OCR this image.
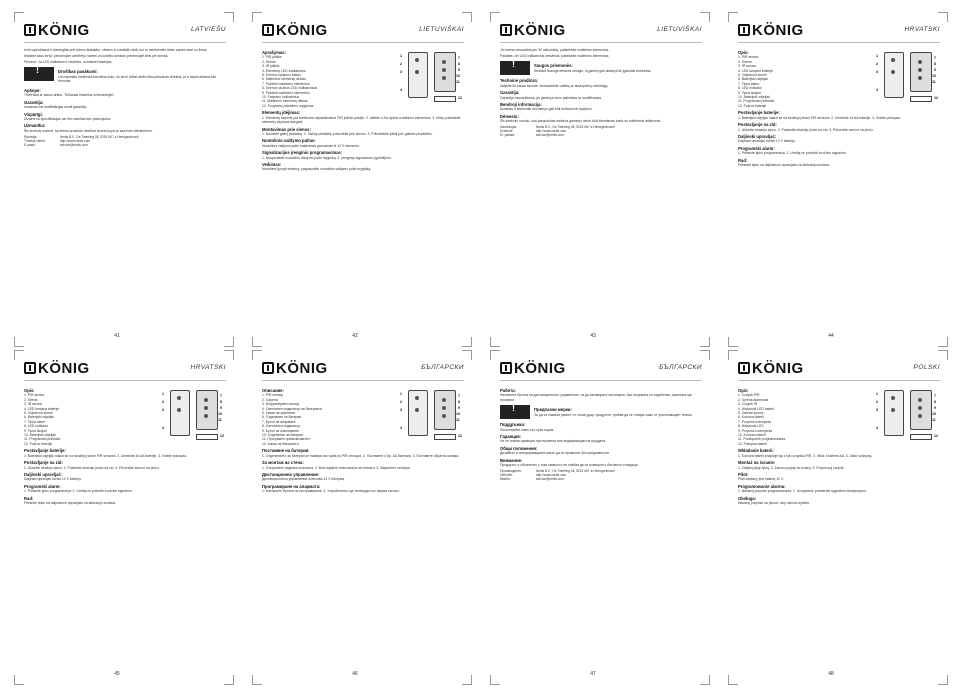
KÖNIG	LATVIEŠU

Ierīci apturēšana ir aizsargāta pret ūdens šļakatām, vēlams to uzstādīt vietā, kur to neietekmēs tiešie saules stari un lietus.

Iestatiet savu ierīci: pievienojiet uztvērēju rozetei un kustību sensoru pievienojiet tieši pie sienas.

Piezīme: Ja LED indikators ir neaktīvs, nomainiet baterijas.

!
Drošības pasākumi:

Lai mazinātu elektriskā trieciena risku, šo ierīci drīkst atvērt tikai pilnvarots tehniķis, ja ir nepieciešams tās remonts.

Apkope:

Tīriet tikai ar sausu drānu. Tīrīšanas līdzekļus neizmantojiet.

Garantija:

Izmaiņas vai modifikācijas anulē garantiju.

Vispārīgi:

Dizains un specifikācijas var tikt mainītas bez paziņojuma.

Uzmanību:

Šis simbols nozīmē, ka lietoto produktu nedrīkst izmest kopā ar sadzīves atkritumiem.

Ražotājs:	Nedis B.V., De Tweeling 28, 5215 MC 's-Hertogenbosch
Tīmekļa vietne:	http://www.nedis.com
E-pasts:	service@nedis.com
41
KÖNIG	LIETUVIŠKAI
Aprašymas:
1. PIR jutiklis
2. Sirena
3. IR jutiklis
4. Elementų LED indikatorius
5. Sirenos ryškumo taisas
6. Maitinimo elementų dėklas
7. Pakeisti maitinimo elementus
8. Sirenos skubios LED indikatoriaus
9. Pakeisti maitinimo elementus
10. Patyrimo indikatorius
11. Maitinimo elementų dėklas
12. Programų paleidimo mygtukas
1
2
3
4
7
8
9
10
11
12
Elementų įdėjimas:

1. Elementų skyrelis yra kuriškumo atpakaliniame PIR jutiklio pusėje. 2. Įdėkite 4 AA dydžio maitinimo elementus. 3. Mūsų pakeiskite elementų skyriaus dangtelį.

Montavimas prie sienos:

1. Nuimkite galinį plokštelę. 2. Galinę plokštelę priveržkite prie sienos. 3. Pritvirtinkite jutiklį prie galinės plokštelės.

Nuotolinio valdymo pultas:

Nuotolinio valdymo pulte maitinimas gaunamas iš 12 V elemento.

Signalizacijos įrenginio programavimas:

1. Nuspauskite nuotolinio valdymo pulto mygtuką. 2. Įrenginys signalizuos pyptelėjimu.

Veikimas:

Norėdami įjungti sistemą, paspauskite nuotolinio valdymo pulto mygtuką.

42
KÖNIG	LIETUVIŠKAI

Jei sirena nesuveikia per 30 sekundžių, patikrinkite maitinimo elementus.

Pastaba: Jei LED indikatorius nešviečia, pakeiskite maitinimo elementus.

!
Saugos priemonės:

Siekiant išvengti elektros smūgio, šį gaminį gali atidaryti tik įgaliotas technikas.

Techninė priežiūra:

Valykite tik sausa šluoste. Nenaudokite valiklių ar abrazyvinių medžiagų.

Garantija:

Garantija nesuteikiama, jei gaminys buvo pakeistas ar modifikuotas.

Bendroji informacija:

Dizainas ir techniniai duomenys gali būti keičiami be įspėjimo.

Dėmesio:

Šis simbolis nurodo, kad panaudotas elektros gaminys neturi būti išmetamas kartu su buitinėmis atliekomis.

Gamintojas:	Nedis B.V., De Tweeling 28, 5215 MC 's-Hertogenbosch
Svetainė:	http://www.nedis.com
El. paštas:	service@nedis.com
43
KÖNIG	HRVATSKI
Opis:
1. PIR senzor
2. Sirena
3. IR senzor
4. LED lampica baterije
5. Vrijednost sirene
6. Baterijski odjeljak
7. Tipka alarm
8. LED indikator
9. Tipka isključi
10. Baterijski odjeljak
11. Programski prekidač
12. Pokrov baterije
1
2
3
4
7
8
9
10
11
12
Postavljanje baterije:

1. Baterijski odjeljak nalazi se na stražnjoj strani PIR senzora. 2. Umetnite 4x AA baterije. 3. Vratite poklopac.

Postavljanje na zid:

1. Uklonite stražnju ploču. 2. Postavite stražnju ploču na zid. 3. Pričvrstite senzor na ploču.

Daljinski upravljač:

Daljinski upravljač koristi 12 V bateriju.

Programski alarm:

1. Pritisnite tipku programiranja. 2. Uređaj će potvrditi zvučnim signalom.

Rad:

Pritisnite tipku na daljinskom upravljaču za aktivaciju sustava.

44
KÖNIG	HRVATSKI
Opis:
1. PIR senzor
2. Sirena
3. IR senzor
4. LED lampica baterije
5. Vrijednost sirene
6. Baterijski odjeljak
7. Tipka alarm
8. LED indikator
9. Tipka isključi
10. Baterijski odjeljak
11. Programski prekidač
12. Pokrov baterije
1
2
3
4
7
8
9
10
11
12
Postavljanje baterije:

1. Baterijski odjeljak nalazi se na stražnjoj strani PIR senzora. 2. Umetnite 4x AA baterije. 3. Vratite poklopac.

Postavljanje na zid:

1. Uklonite stražnju ploču. 2. Postavite stražnju ploču na zid. 3. Pričvrstite senzor na ploču.

Daljinski upravljač:

Daljinski upravljač koristi 12 V bateriju.

Programski alarm:

1. Pritisnite tipku programiranja. 2. Uređaj će potvrditi zvučnim signalom.

Rad:

Pritisnite tipku na daljinskom upravljaču za aktivaciju sustava.

45
KÖNIG	БЪЛГАРСКИ
Описание:
1. PIR сензор
2. Сирена
3. Инфрачервен сензор
4. Светлинен индикатор на батерията
5. Капак на сирената
6. Отделение за батерии
7. Бутон за алармата
8. Светлинен индикатор
9. Бутон за изключване
10. Отделение за батерии
11. Програмен превключвател
12. Капак на батерията
1
2
3
4
7
8
9
10
11
12
Поставяне на батерии:

1. Отделението за батерии се намира на гърба на PIR сензора. 2. Поставете 4 бр. AA батерии. 3. Поставете обратно капака.

За монтаж на стена:

1. Отстранете задната пластина. 2. Монтирайте пластината на стената. 3. Закрепете сензора.

Дистанционно управление:

Дистанционното управление използва 12 V батерия.

Програмиране на алармата:

1. Натиснете бутона за програмиране. 2. Устройството ще потвърди със звуков сигнал.

46
KÖNIG	БЪЛГАРСКИ
Работа:

Натиснете бутона на дистанционното управление, за да активирате системата. Ако алармата се задейства, сирената ще прозвучи.

!
Предпазни мерки:

За да се намали рискът от токов удар, продуктът трябва да се отваря само от упълномощен техник.

Поддръжка:

Почиствайте само със суха кърпа.

Гаранция:

Не се поема гаранция при промени или модификации на продукта.

Общи положения:

Дизайнът и спецификациите могат да се променят без предизвестие.

Внимание:

Продуктът е обозначен с този символ и не трябва да се изхвърля с битовите отпадъци.

Производител:	Nedis B.V., De Tweeling 28, 5215 MC 's-Hertogenbosch
Уебсайт:	http://www.nedis.com
Имейл:	service@nedis.com
47
KÖNIG	POLSKI
Opis:
1. Czujnik PIR
2. Syrena alarmowa
3. Czujnik IR
4. Wskaźnik LED baterii
5. Osłona syreny
6. Komora baterii
7. Przycisk uzbrojenia
8. Wskaźnik LED
9. Przycisk rozbrojenia
10. Komora baterii
11. Przełącznik programowania
12. Pokrywa baterii
1
2
3
4
7
8
9
10
11
12
Wkładanie baterii:

1. Komora baterii znajduje się z tyłu czujnika PIR. 2. Włóż 4 baterie AA. 3. Załóż pokrywę.

Montaż na ścianie:

1. Zdejmij płytę tylną. 2. Zamocuj płytę do ściany. 3. Przymocuj czujnik.

Pilot:

Pilot zasilany jest baterią 12 V.

Programowanie alarmu:

1. Naciśnij przycisk programowania. 2. Urządzenie potwierdzi sygnałem dźwiękowym.

Obsługa:

Naciśnij przycisk na pilocie, aby uzbroić system.

48
